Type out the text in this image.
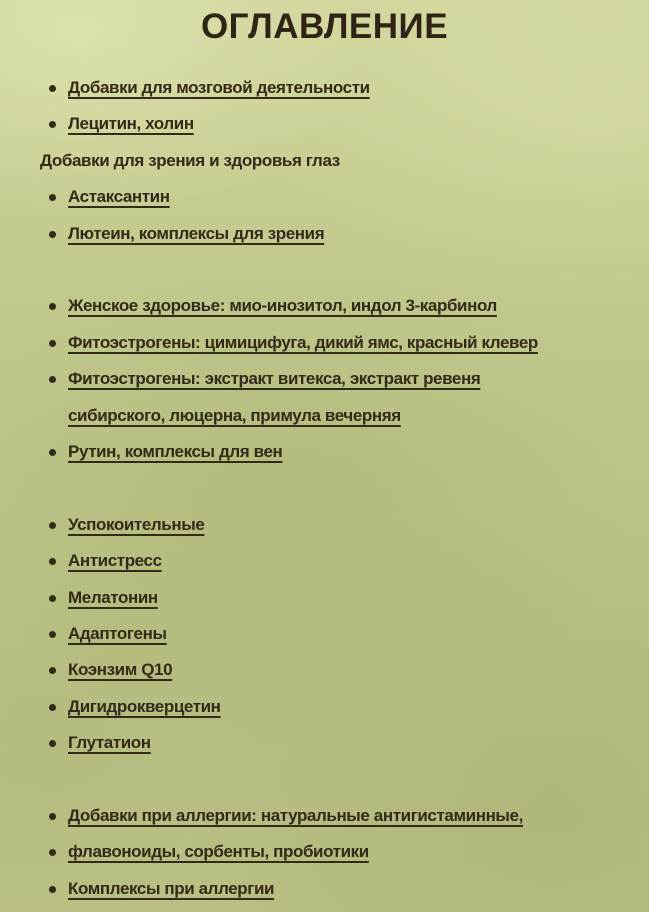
ОГЛАВЛЕНИЕ
Добавки для мозговой деятельности
Лецитин, холин
Добавки для зрения и здоровья глаз
Астаксантин
Лютеин, комплексы для зрения
Женское здоровье: мио-инозитол, индол 3-карбинол
Фитоэстрогены: цимицифуга, дикий ямс, красный клевер
Фитоэстрогены: экстракт витекса, экстракт ревеня
сибирского, люцерна, примула вечерняя
Рутин, комплексы для вен
Успокоительные
Антистресс
Мелатонин
Адаптогены
Коэнзим Q10
Дигидрокверцетин
Глутатион
Добавки при аллергии: натуральные антигистаминные,
флавоноиды, сорбенты, пробиотики
Комплексы при аллергии
